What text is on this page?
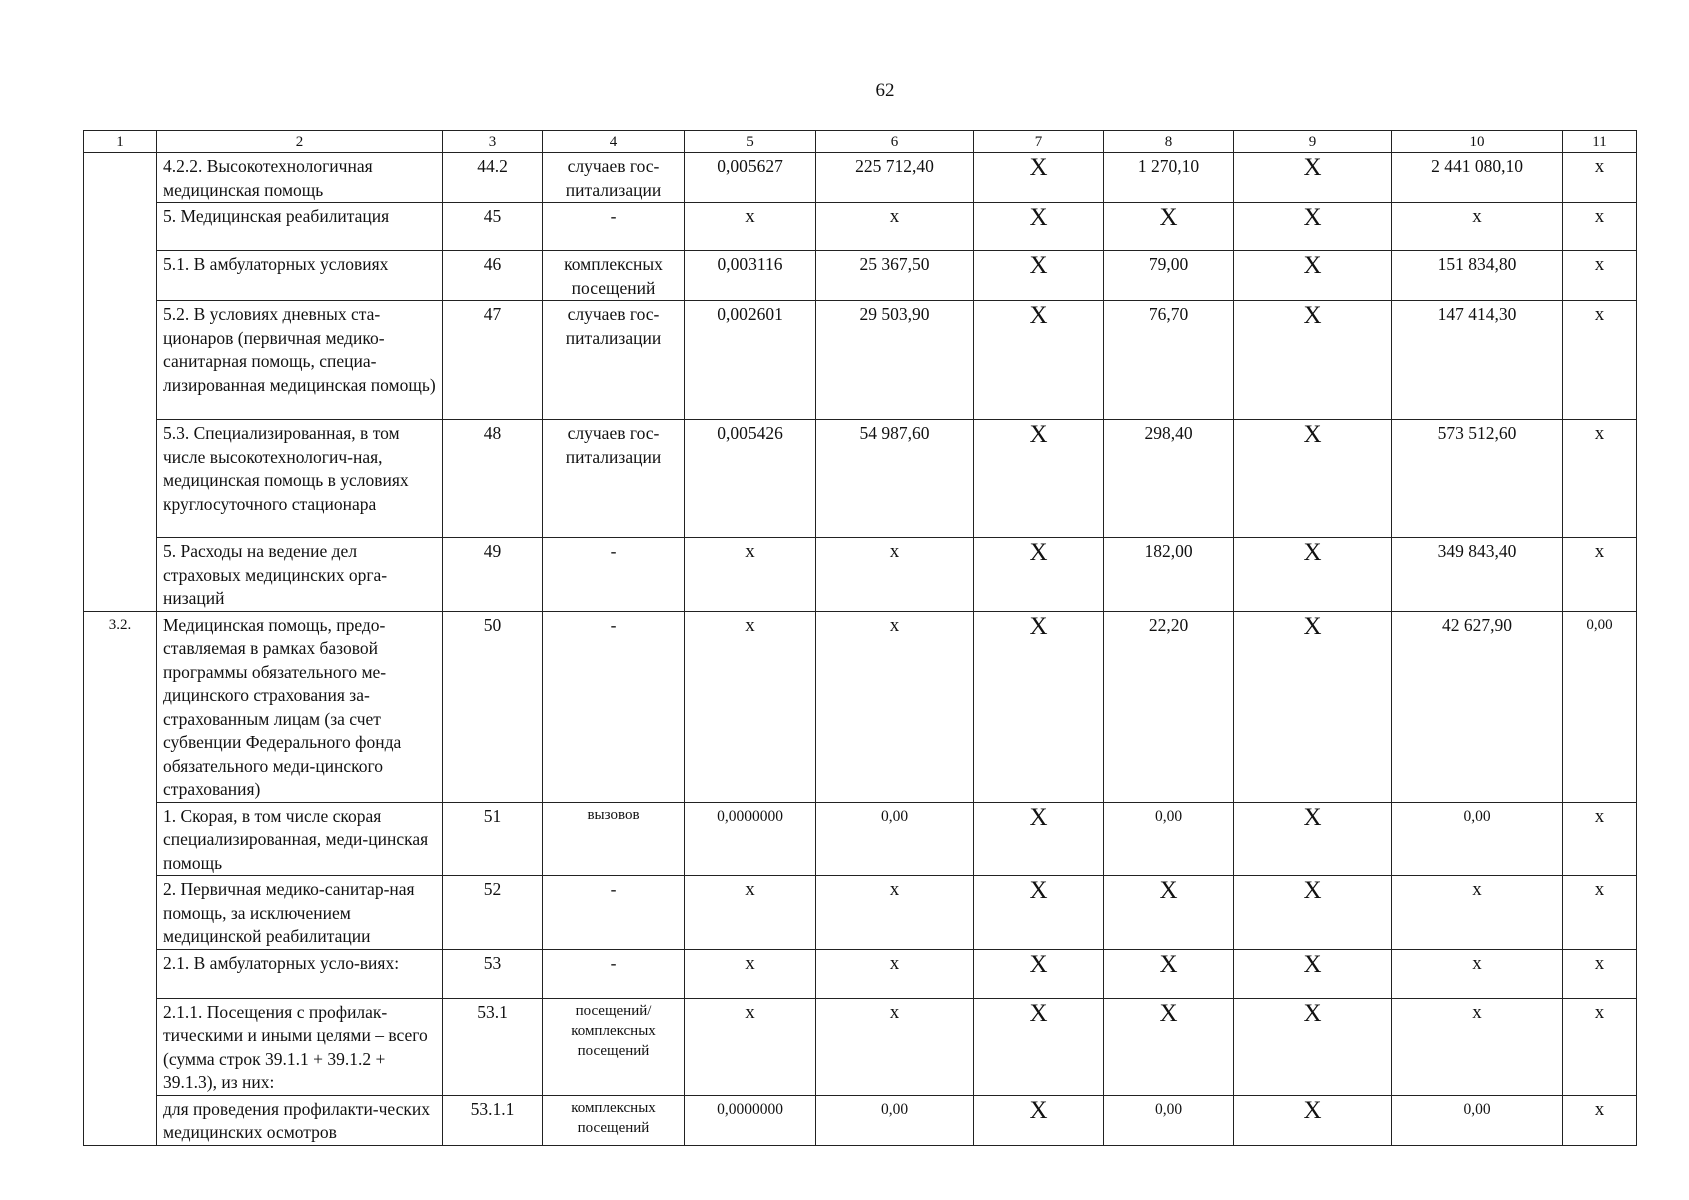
62
1	2	3	4	5	6	7	8	9	10	11
	4.2.2. Высокотехнологичная медицинская помощь	44.2	случаев гос-питализации	0,005627	225 712,40	X	1 270,10	X	2 441 080,10	x
	5. Медицинская реабилитация	45	-	x	x	X	X	X	x	x
	5.1. В амбулаторных условиях	46	комплексных посещений	0,003116	25 367,50	X	79,00	X	151 834,80	x
	5.2. В условиях дневных ста-ционаров (первичная медико-санитарная помощь, специа-лизированная медицинская помощь)	47	случаев гос-питализации	0,002601	29 503,90	X	76,70	X	147 414,30	x
	5.3. Специализированная, в том числе высокотехнологич-ная, медицинская помощь в условиях круглосуточного стационара	48	случаев гос-питализации	0,005426	54 987,60	X	298,40	X	573 512,60	x
	5. Расходы на ведение дел страховых медицинских орга-низаций	49	-	x	x	X	182,00	X	349 843,40	x
3.2.	Медицинская помощь, предо-ставляемая в рамках базовой программы обязательного ме-дицинского страхования за-страхованным лицам (за счет субвенции Федерального фонда обязательного меди-цинского страхования)	50	-	x	x	X	22,20	X	42 627,90	0,00
	1. Скорая, в том числе скорая специализированная, меди-цинская помощь	51	вызовов	0,0000000	0,00	X	0,00	X	0,00	x
	2. Первичная медико-санитар-ная помощь, за исключением медицинской реабилитации	52	-	x	x	X	X	X	x	x
	2.1. В амбулаторных усло-виях:	53	-	x	x	X	X	X	x	x
	2.1.1. Посещения с профилак-тическими и иными целями – всего (сумма строк 39.1.1 + 39.1.2 + 39.1.3), из них:	53.1	посещений/ комплексных посещений	x	x	X	X	X	x	x
	для проведения профилакти-ческих медицинских осмотров	53.1.1	комплексных посещений	0,0000000	0,00	X	0,00	X	0,00	x
